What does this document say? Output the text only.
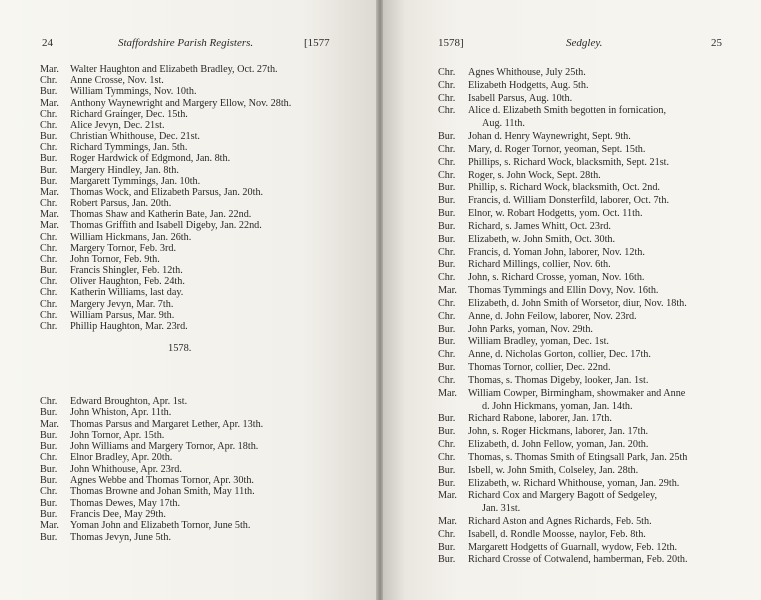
24	Staffordshire Parish Registers.	[1577
Mar.	Walter Haughton and Elizabeth Bradley, Oct. 27th.
Chr.	Anne Crosse, Nov. 1st.
Bur.	William Tymmings, Nov. 10th.
Mar.	Anthony Waynewright and Margery Ellow, Nov. 28th.
Chr.	Richard Grainger, Dec. 15th.
Chr.	Alice Jevyn, Dec. 21st.
Bur.	Christian Whithouse, Dec. 21st.
Chr.	Richard Tymmings, Jan. 5th.
Bur.	Roger Hardwick of Edgmond, Jan. 8th.
Bur.	Margery Hindley, Jan. 8th.
Bur.	Margarett Tymmings, Jan. 10th.
Mar.	Thomas Wock, and Elizabeth Parsus, Jan. 20th.
Chr.	Robert Parsus, Jan. 20th.
Mar.	Thomas Shaw and Katherin Bate, Jan. 22nd.
Mar.	Thomas Griffith and Isabell Digeby, Jan. 22nd.
Chr.	William Hickmans, Jan. 26th.
Chr.	Margery Tornor, Feb. 3rd.
Chr.	John Tornor, Feb. 9th.
Bur.	Francis Shingler, Feb. 12th.
Chr.	Oliver Haughton, Feb. 24th.
Chr.	Katherin Williams, last day.
Chr.	Margery Jevyn, Mar. 7th.
Chr.	William Parsus, Mar. 9th.
Chr.	Phillip Haughton, Mar. 23rd.
1578.
Chr.	Edward Broughton, Apr. 1st.
Bur.	John Whiston, Apr. 11th.
Mar.	Thomas Parsus and Margaret Lether, Apr. 13th.
Bur.	John Tornor, Apr. 15th.
Bur.	John Williams and Margery Tornor, Apr. 18th.
Chr.	Elnor Bradley, Apr. 20th.
Bur.	John Whithouse, Apr. 23rd.
Bur.	Agnes Webbe and Thomas Tornor, Apr. 30th.
Chr.	Thomas Browne and Johan Smith, May 11th.
Bur.	Thomas Dewes, May 17th.
Bur.	Francis Dee, May 29th.
Mar.	Yoman John and Elizabeth Tornor, June 5th.
Bur.	Thomas Jevyn, June 5th.
1578]	Sedgley.	25
Chr.	Agnes Whithouse, July 25th.
Chr.	Elizabeth Hodgetts, Aug. 5th.
Chr.	Isabell Parsus, Aug. 10th.
Chr.	Alice d. Elizabeth Smith begotten in fornication,
Aug. 11th.
Bur.	Johan d. Henry Waynewright, Sept. 9th.
Chr.	Mary, d. Roger Tornor, yeoman, Sept. 15th.
Chr.	Phillips, s. Richard Wock, blacksmith, Sept. 21st.
Chr.	Roger, s. John Wock, Sept. 28th.
Bur.	Phillip, s. Richard Wock, blacksmith, Oct. 2nd.
Bur.	Francis, d. William Donsterfild, laborer, Oct. 7th.
Bur.	Elnor, w. Robart Hodgetts, yom. Oct. 11th.
Bur.	Richard, s. James Whitt, Oct. 23rd.
Bur.	Elizabeth, w. John Smith, Oct. 30th.
Chr.	Francis, d. Yoman John, laborer, Nov. 12th.
Bur.	Richard Millings, collier, Nov. 6th.
Chr.	John, s. Richard Crosse, yoman, Nov. 16th.
Mar.	Thomas Tymmings and Ellin Dovy, Nov. 16th.
Chr.	Elizabeth, d. John Smith of Worsetor, diur, Nov. 18th.
Chr.	Anne, d. John Feilow, laborer, Nov. 23rd.
Bur.	John Parks, yoman, Nov. 29th.
Bur.	William Bradley, yoman, Dec. 1st.
Chr.	Anne, d. Nicholas Gorton, collier, Dec. 17th.
Bur.	Thomas Tornor, collier, Dec. 22nd.
Chr.	Thomas, s. Thomas Digeby, looker, Jan. 1st.
Mar.	William Cowper, Birmingham, showmaker and Anne
d. John Hickmans, yoman, Jan. 14th.
Bur.	Richard Rabone, laborer, Jan. 17th.
Bur.	John, s. Roger Hickmans, laborer, Jan. 17th.
Chr.	Elizabeth, d. John Fellow, yoman, Jan. 20th.
Chr.	Thomas, s. Thomas Smith of Etingsall Park, Jan. 25th
Bur.	Isbell, w. John Smith, Colseley, Jan. 28th.
Bur.	Elizabeth, w. Richard Whithouse, yoman, Jan. 29th.
Mar.	Richard Cox and Margery Bagott of Sedgeley,
Jan. 31st.
Mar.	Richard Aston and Agnes Richards, Feb. 5th.
Chr.	Isabell, d. Rondle Moosse, naylor, Feb. 8th.
Bur.	Margarett Hodgetts of Guarnall, wydow, Feb. 12th.
Bur.	Richard Crosse of Cotwalend, hamberman, Feb. 20th.
